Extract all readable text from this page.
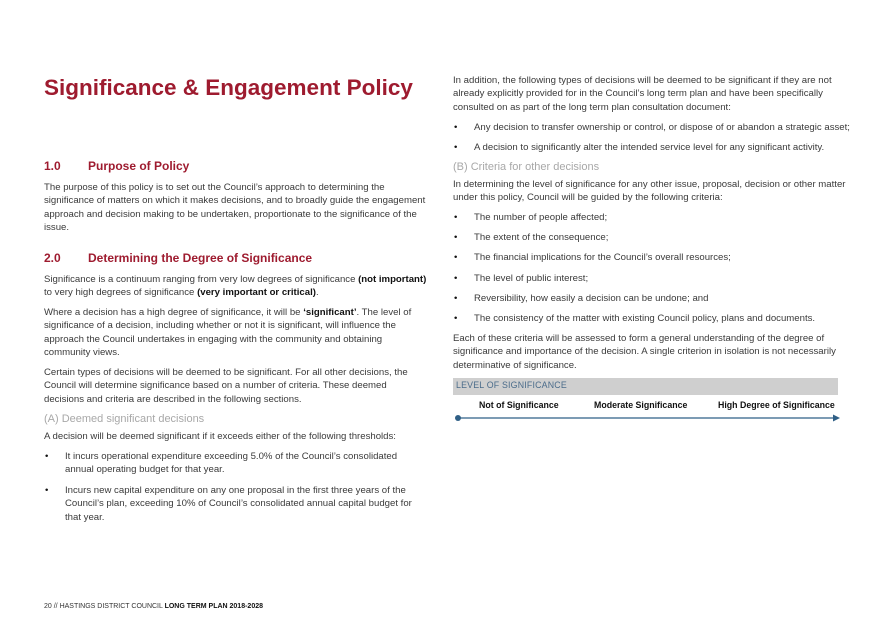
Significance & Engagement Policy
1.0 Purpose of Policy

The purpose of this policy is to set out the Council’s approach to determining the significance of matters on which it makes decisions, and to broadly guide the engagement approach and decision making to be undertaken, proportionate to the significance of the issue.

2.0 Determining the Degree of Significance

Significance is a continuum ranging from very low degrees of significance (not important) to very high degrees of significance (very important or critical).

Where a decision has a high degree of significance, it will be ‘significant’. The level of significance of a decision, including whether or not it is significant, will influence the approach the Council undertakes in engaging with the community and obtaining community views.

Certain types of decisions will be deemed to be significant. For all other decisions, the Council will determine significance based on a number of criteria. These deemed decisions and criteria are described in the following sections.

(A) Deemed significant decisions

A decision will be deemed significant if it exceeds either of the following thresholds:

• It incurs operational expenditure exceeding 5.0% of the Council’s consolidated annual operating budget for that year.
• Incurs new capital expenditure on any one proposal in the first three years of the Council’s plan, exceeding 10% of Council’s consolidated annual capital budget for that year.

In addition, the following types of decisions will be deemed to be significant if they are not already explicitly provided for in the Council’s long term plan and have been specifically consulted on as part of the long term plan consultation document:

• Any decision to transfer ownership or control, or dispose of or abandon a strategic asset;
• A decision to significantly alter the intended service level for any significant activity.

(B) Criteria for other decisions

In determining the level of significance for any other issue, proposal, decision or other matter under this policy, Council will be guided by the following criteria:

• The number of people affected;
• The extent of the consequence;
• The financial implications for the Council’s overall resources;
• The level of public interest;
• Reversibility, how easily a decision can be undone; and
• The consistency of the matter with existing Council policy, plans and documents.

Each of these criteria will be assessed to form a general understanding of the degree of significance and importance of the decision. A single criterion in isolation is not necessarily determinative of significance.

LEVEL OF SIGNIFICANCE
Not of Significance	Moderate Significance	High Degree of Significance
20 // HASTINGS DISTRICT COUNCIL LONG TERM PLAN 2018-2028
